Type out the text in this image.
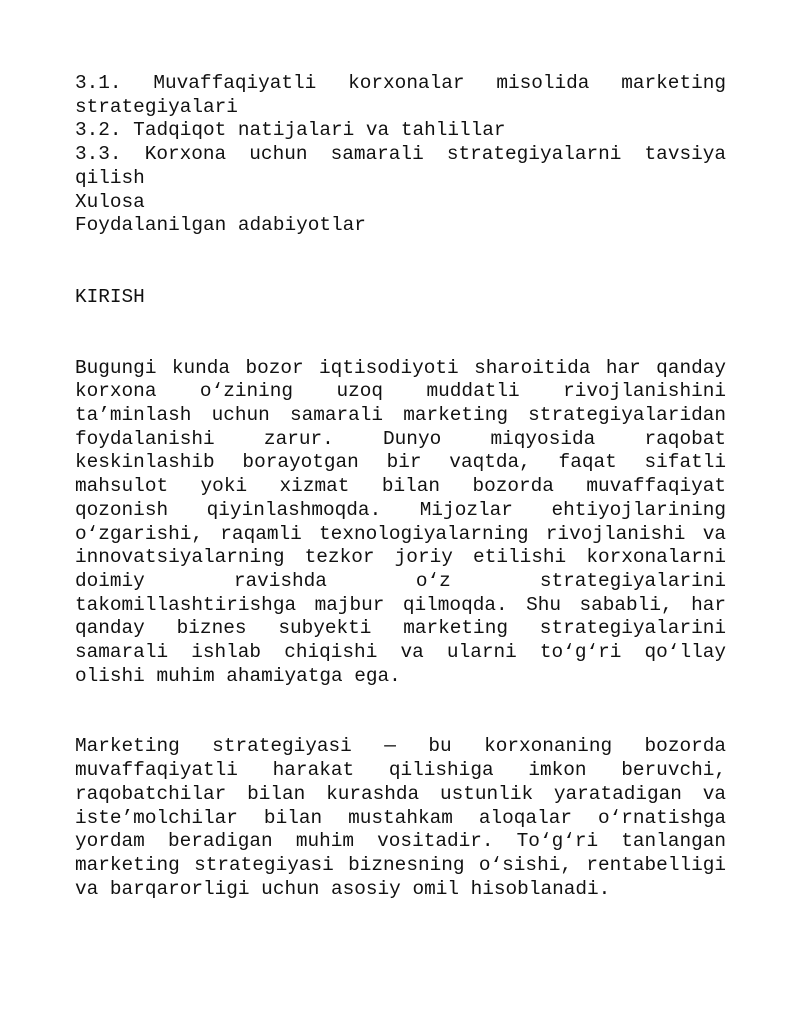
3.1. Muvaffaqiyatli korxonalar misolida marketing strategiyalari

3.2. Tadqiqot natijalari va tahlillar

3.3. Korxona uchun samarali strategiyalarni tavsiya qilish

Xulosa

Foydalanilgan adabiyotlar

KIRISH

Bugungi kunda bozor iqtisodiyoti sharoitida har qanday korxona o‘zining uzoq muddatli rivojlanishini ta’minlash uchun samarali marketing strategiyalaridan foydalanishi zarur. Dunyo miqyosida raqobat keskinlashib borayotgan bir vaqtda, faqat sifatli mahsulot yoki xizmat bilan bozorda muvaffaqiyat qozonish qiyinlashmoqda. Mijozlar ehtiyojlarining o‘zgarishi, raqamli texnologiyalarning rivojlanishi va innovatsiyalarning tezkor joriy etilishi korxonalarni doimiy ravishda o‘z strategiyalarini takomillashtirishga majbur qilmoqda. Shu sababli, har qanday biznes subyekti marketing strategiyalarini samarali ishlab chiqishi va ularni to‘g‘ri qo‘llay olishi muhim ahamiyatga ega.

Marketing strategiyasi — bu korxonaning bozorda muvaffaqiyatli harakat qilishiga imkon beruvchi, raqobatchilar bilan kurashda ustunlik yaratadigan va iste’molchilar bilan mustahkam aloqalar o‘rnatishga yordam beradigan muhim vositadir. To‘g‘ri tanlangan marketing strategiyasi biznesning o‘sishi, rentabelligi va barqarorligi uchun asosiy omil hisoblanadi.
